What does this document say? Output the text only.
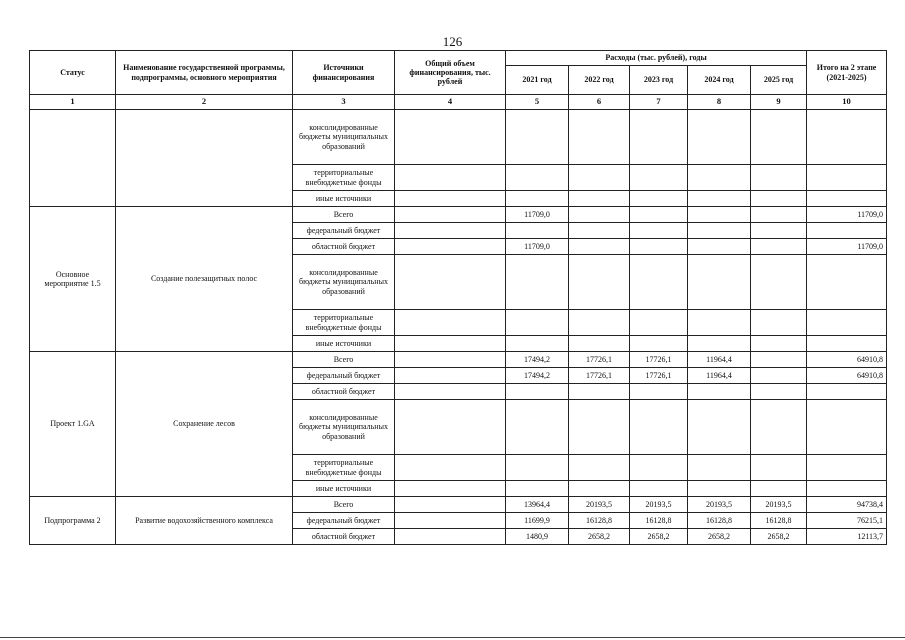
126
Статус	Наименование государственной программы, подпрограммы, основного мероприятия	Источники финансирования	Общий объем финансирования, тыс. рублей	Расходы (тыс. рублей), годы					Итого на 2 этапе (2021-2025)
				2021 год	2022 год	2023 год	2024 год	2025 год	
1	2	3	4	5	6	7	8	9	10
		консолидированные бюджеты муниципальных образований							
		территориальные внебюджетные фонды							
		иные источники							
Основное мероприятие 1.5	Создание полезащитных полос	Всего		11709,0					11709,0
		федеральный бюджет							
		областной бюджет		11709,0					11709,0
		консолидированные бюджеты муниципальных образований							
		территориальные внебюджетные фонды							
		иные источники							
Проект 1.GA	Сохранение лесов	Всего		17494,2	17726,1	17726,1	11964,4		64910,8
		федеральный бюджет		17494,2	17726,1	17726,1	11964,4		64910,8
		областной бюджет							
		консолидированные бюджеты муниципальных образований							
		территориальные внебюджетные фонды							
		иные источники							
Подпрограмма 2	Развитие водохозяйственного комплекса	Всего		13964,4	20193,5	20193,5	20193,5	20193,5	94738,4
		федеральный бюджет		11699,9	16128,8	16128,8	16128,8	16128,8	76215,1
		областной бюджет		1480,9	2658,2	2658,2	2658,2	2658,2	12113,7
